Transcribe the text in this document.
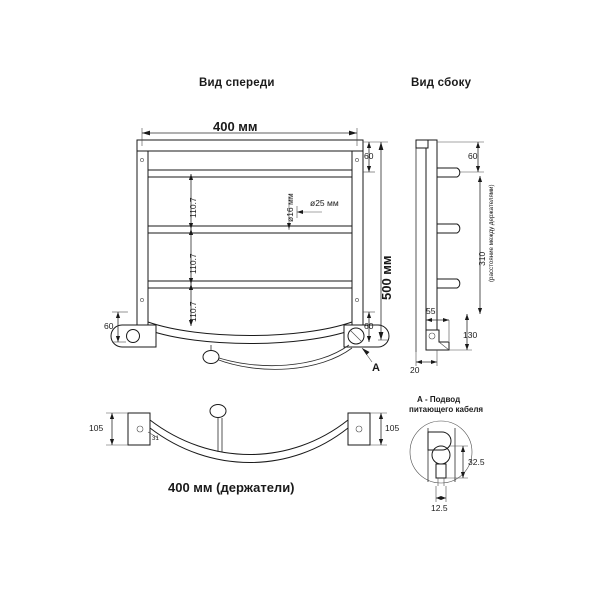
Вид спереди	Вид сбоку
400 мм
500 мм
60
60
60
110.7
110.7
110.7
ø16 мм ø25 мм
A
60
310 (расстояние между держателями)
55
130
20
105	105
31
400 мм (держатели)
А - Подвод
питающего кабеля
32.5
12.5
